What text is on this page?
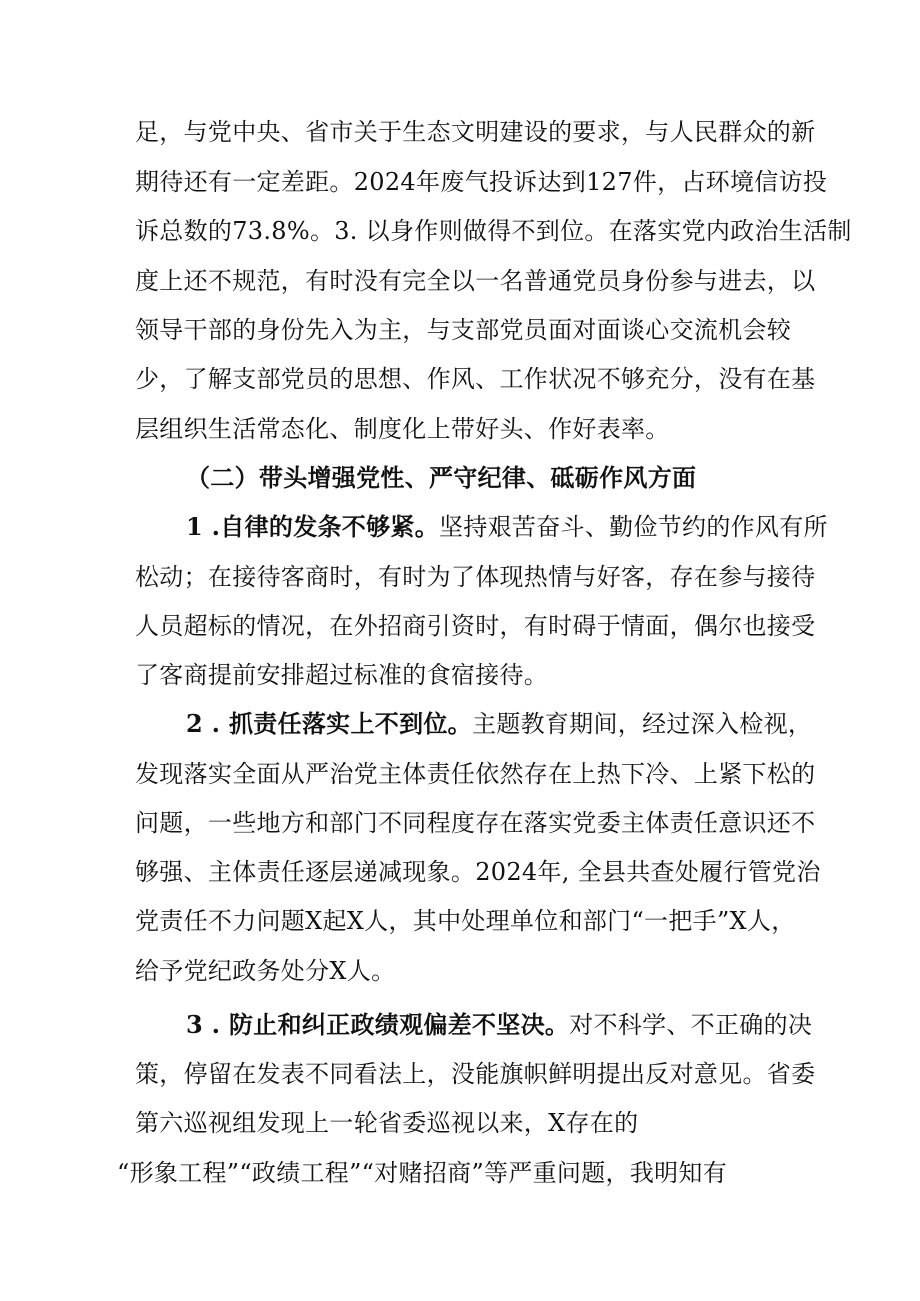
足，与党中央、省市关于生态文明建设的要求，与人民群众的新
期待还有一定差距。2024年废气投诉达到127件，占环境信访投
诉总数的73.8%。3. 以身作则做得不到位。在落实党内政治生活制
度上还不规范，有时没有完全以一名普通党员身份参与进去，以
领导干部的身份先入为主，与支部党员面对面谈心交流机会较
少，了解支部党员的思想、作风、工作状况不够充分，没有在基
层组织生活常态化、制度化上带好头、作好表率。
（二）带头增强党性、严守纪律、砥砺作风方面
1 .自律的发条不够紧。坚持艰苦奋斗、勤俭节约的作风有所
松动；在接待客商时，有时为了体现热情与好客，存在参与接待
人员超标的情况，在外招商引资时，有时碍于情面，偶尔也接受
了客商提前安排超过标准的食宿接待。
2 . 抓责任落实上不到位。主题教育期间，经过深入检视，
发现落实全面从严治党主体责任依然存在上热下冷、上紧下松的
问题，一些地方和部门不同程度存在落实党委主体责任意识还不
够强、主体责任逐层递减现象。2024年, 全县共查处履行管党治
党责任不力问题X起X人，其中处理单位和部门“一把手”X人，
给予党纪政务处分X人。
3 . 防止和纠正政绩观偏差不坚决。对不科学、不正确的决
策，停留在发表不同看法上，没能旗帜鲜明提出反对意见。省委
第六巡视组发现上一轮省委巡视以来，X存在的
“形象工程”“政绩工程”“对赌招商”等严重问题，我明知有
